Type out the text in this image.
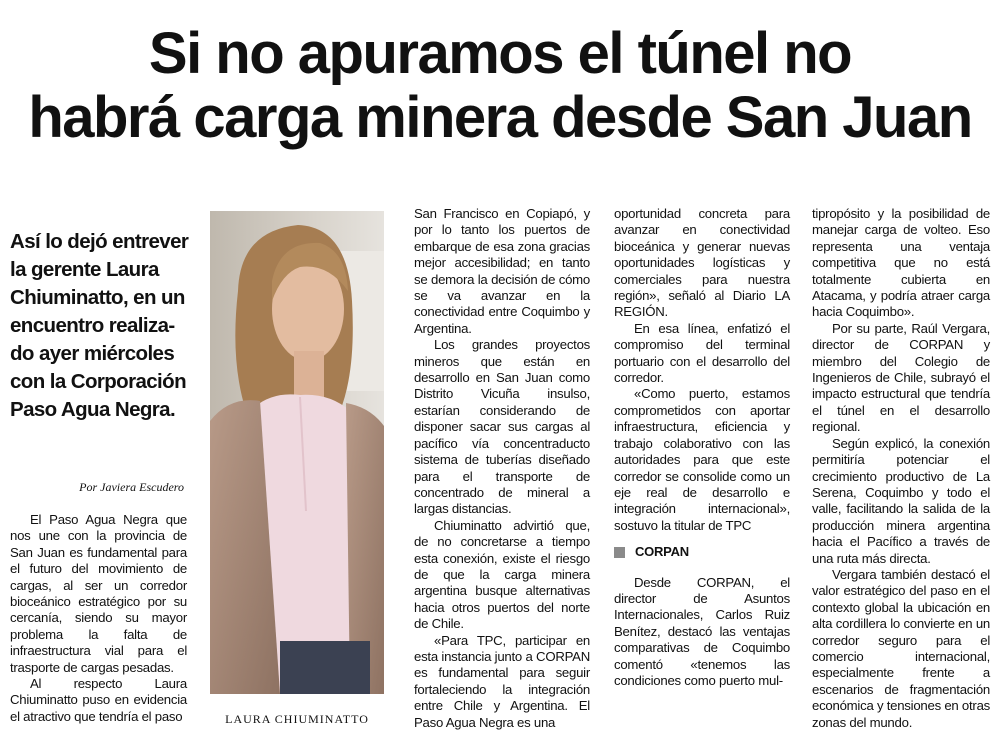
Si no apuramos el túnel no
habrá carga minera desde San Juan
Así lo dejó entrever
la gerente Laura
Chiuminatto, en un
encuentro realiza-
do ayer miércoles
con la Corporación
Paso Agua Negra.
Por Javiera Escudero

El Paso Agua Negra que nos une con la provincia de San Juan es fundamental para el futuro del movimiento de cargas, al ser un corredor bioceánico estratégico por su cercanía, siendo su mayor problema la falta de infraestructura vial para el trasporte de cargas pesadas.

Al respecto Laura Chiuminatto puso en evidencia el atractivo que tendría el paso	LAURA CHIUMINATTO

San Francisco en Copiapó, y por lo tanto los puertos de embarque de esa zona gracias mejor accesibilidad; en tanto se demora la decisión de cómo se va avanzar en la conectividad entre Coquimbo y Argentina.

Los grandes proyectos mineros que están en desarrollo en San Juan como Distrito Vicuña insulso, estarían considerando de disponer sacar sus cargas al pacífico vía concentraducto sistema de tuberías diseñado para el transporte de concentrado de mineral a largas distancias.

Chiuminatto advirtió que, de no concretarse a tiempo esta conexión, existe el riesgo de que la carga minera argentina busque alternativas hacia otros puertos del norte de Chile.

«Para TPC, participar en esta instancia junto a CORPAN es fundamental para seguir fortaleciendo la integración entre Chile y Argentina. El Paso Agua Negra es una

oportunidad concreta para avanzar en conectividad bioceánica y generar nuevas oportunidades logísticas y comerciales para nuestra región», señaló al Diario LA REGIÓN.

En esa línea, enfatizó el compromiso del terminal portuario con el desarrollo del corredor.

«Como puerto, estamos comprometidos con aportar infraestructura, eficiencia y trabajo colaborativo con las autoridades para que este corredor se consolide como un eje real de desarrollo e integración internacional», sostuvo la titular de TPC

CORPAN

Desde CORPAN, el director de Asuntos Internacionales, Carlos Ruiz Benítez, destacó las ventajas comparativas de Coquimbo comentó «tenemos las condiciones como puerto mul-

tipropósito y la posibilidad de manejar carga de volteo. Eso representa una ventaja competitiva que no está totalmente cubierta en Atacama, y podría atraer carga hacia Coquimbo».

Por su parte, Raúl Vergara, director de CORPAN y miembro del Colegio de Ingenieros de Chile, subrayó el impacto estructural que tendría el túnel en el desarrollo regional.

Según explicó, la conexión permitiría potenciar el crecimiento productivo de La Serena, Coquimbo y todo el valle, facilitando la salida de la producción minera argentina hacia el Pacífico a través de una ruta más directa.

Vergara también destacó el valor estratégico del paso en el contexto global la ubicación en alta cordillera lo convierte en un corredor seguro para el comercio internacional, especialmente frente a escenarios de fragmentación económica y tensiones en otras zonas del mundo.
